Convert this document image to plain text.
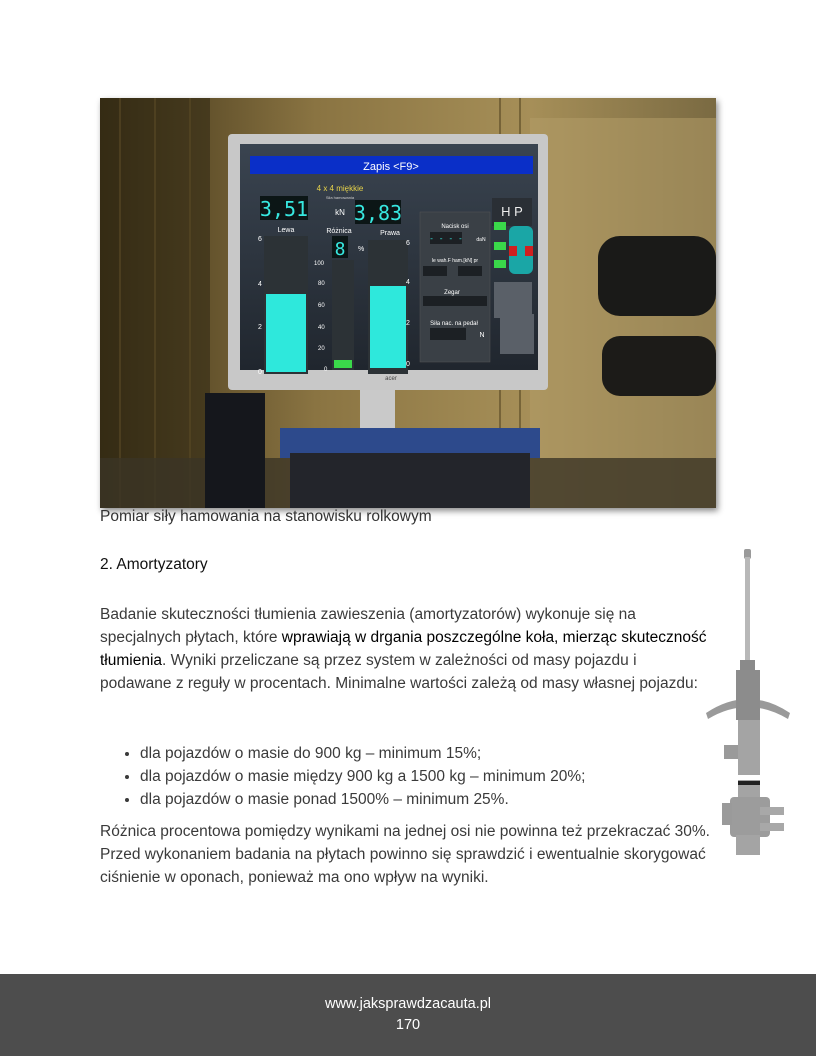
Zapis <F9>
4 x 4 miękkie
Siła hamowania
3,51	kN 3,83
Lewa	Różnica	Prawa
8 %
6
4
2
0
100
80
60
40
20
0
6
4
2
0
Nacisk osi
- - - -	daN
le wah.F ham.[kN] pr
Zegar
Siła nac. na pedał
N
H P
acer
Pomiar siły hamowania na stanowisku rolkowym
2. Amortyzatory

Badanie skuteczności tłumienia zawieszenia (amortyzatorów) wykonuje się na specjalnych płytach, które wprawiają w drgania poszczególne koła, mierząc skuteczność tłumienia. Wyniki przeliczane są przez system w zależności od masy pojazdu i podawane z reguły w procentach. Minimalne wartości zależą od masy własnej pojazdu:

• dla pojazdów o masie do 900 kg – minimum 15%;
• dla pojazdów o masie między 900 kg a 1500 kg – minimum 20%;
• dla pojazdów o masie ponad 1500% – minimum 25%.

Różnica procentowa pomiędzy wynikami na jednej osi nie powinna też przekraczać 30%. Przed wykonaniem badania na płytach powinno się sprawdzić i ewentualnie skorygować ciśnienie w oponach, ponieważ ma ono wpływ na wyniki.

www.jaksprawdzacauta.pl
170
